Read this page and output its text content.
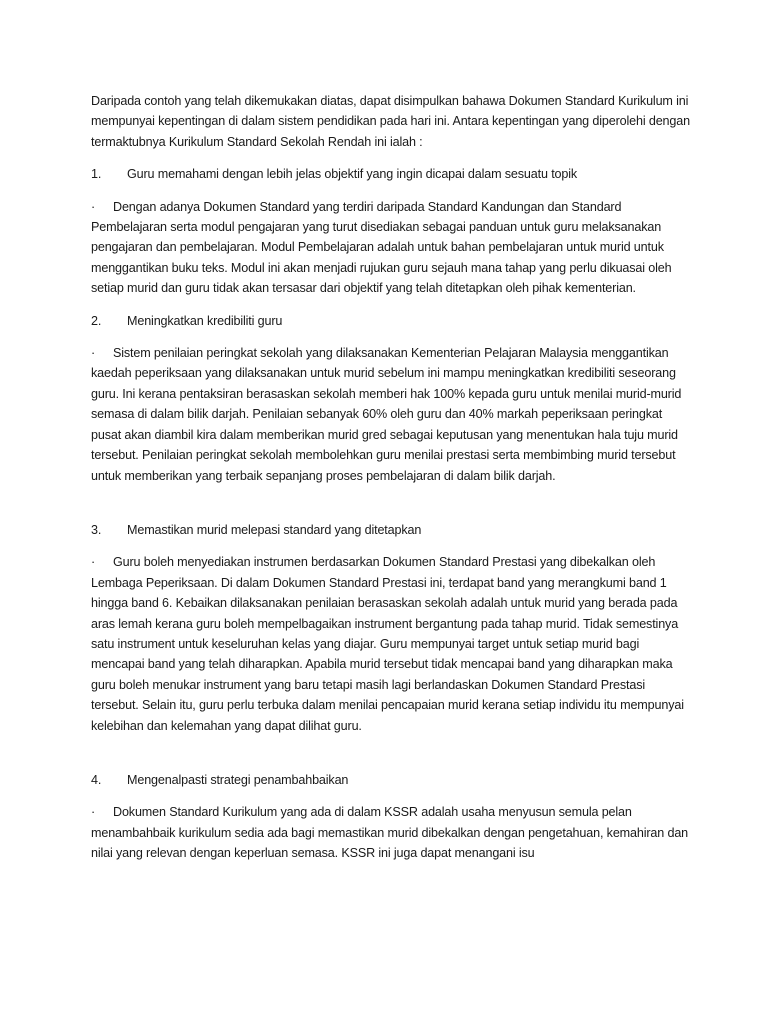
Daripada contoh yang telah dikemukakan diatas, dapat disimpulkan bahawa Dokumen Standard Kurikulum ini mempunyai kepentingan di dalam sistem pendidikan pada hari ini. Antara kepentingan yang diperolehi dengan termaktubnya Kurikulum Standard Sekolah Rendah ini ialah :

1.	Guru memahami dengan lebih jelas objektif yang ingin dicapai dalam sesuatu topik

· Dengan adanya Dokumen Standard yang terdiri daripada Standard Kandungan dan Standard Pembelajaran serta modul pengajaran yang turut disediakan sebagai panduan untuk guru melaksanakan pengajaran dan pembelajaran. Modul Pembelajaran adalah untuk bahan pembelajaran untuk murid untuk menggantikan buku teks. Modul ini akan menjadi rujukan guru sejauh mana tahap yang perlu dikuasai oleh setiap murid dan guru tidak akan tersasar dari objektif yang telah ditetapkan oleh pihak kementerian.

2.	Meningkatkan kredibiliti guru

· Sistem penilaian peringkat sekolah yang dilaksanakan Kementerian Pelajaran Malaysia menggantikan kaedah peperiksaan yang dilaksanakan untuk murid sebelum ini mampu meningkatkan kredibiliti seseorang guru. Ini kerana pentaksiran berasaskan sekolah memberi hak 100% kepada guru untuk menilai murid-murid semasa di dalam bilik darjah. Penilaian sebanyak 60% oleh guru dan 40% markah peperiksaan peringkat pusat akan diambil kira dalam memberikan murid gred sebagai keputusan yang menentukan hala tuju murid tersebut. Penilaian peringkat sekolah membolehkan guru menilai prestasi serta membimbing murid tersebut untuk memberikan yang terbaik sepanjang proses pembelajaran di dalam bilik darjah.

3.	Memastikan murid melepasi standard yang ditetapkan

· Guru boleh menyediakan instrumen berdasarkan Dokumen Standard Prestasi yang dibekalkan oleh Lembaga Peperiksaan. Di dalam Dokumen Standard Prestasi ini, terdapat band yang merangkumi band 1 hingga band 6. Kebaikan dilaksanakan penilaian berasaskan sekolah adalah untuk murid yang berada pada aras lemah kerana guru boleh mempelbagaikan instrument bergantung pada tahap murid. Tidak semestinya satu instrument untuk keseluruhan kelas yang diajar. Guru mempunyai target untuk setiap murid bagi mencapai band yang telah diharapkan. Apabila murid tersebut tidak mencapai band yang diharapkan maka guru boleh menukar instrument yang baru tetapi masih lagi berlandaskan Dokumen Standard Prestasi tersebut. Selain itu, guru perlu terbuka dalam menilai pencapaian murid kerana setiap individu itu mempunyai kelebihan dan kelemahan yang dapat dilihat guru.

4.	Mengenalpasti strategi penambahbaikan

· Dokumen Standard Kurikulum yang ada di dalam KSSR adalah usaha menyusun semula pelan menambahbaik kurikulum sedia ada bagi memastikan murid dibekalkan dengan pengetahuan, kemahiran dan nilai yang relevan dengan keperluan semasa. KSSR ini juga dapat menangani isu
